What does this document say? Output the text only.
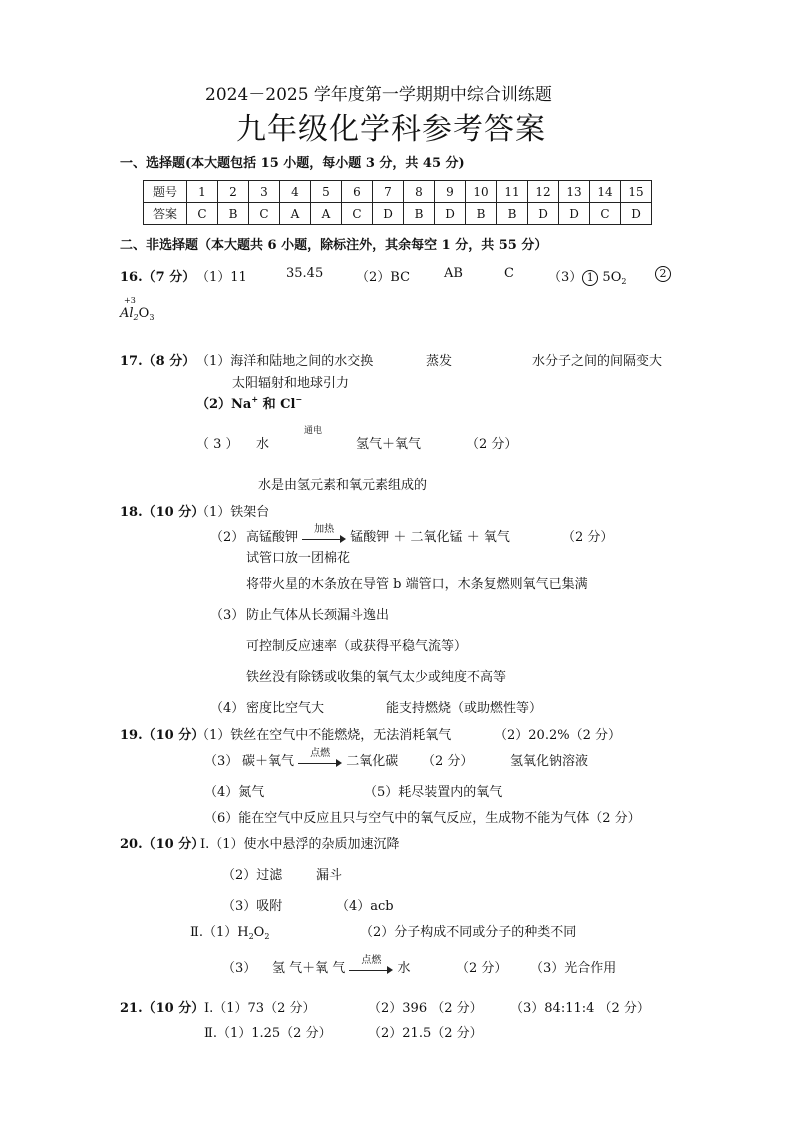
2024－2025 学年度第一学期期中综合训练题
九年级化学科参考答案
一、选择题(本大题包括 15 小题，每小题 3 分，共 45 分)
题号	1	2	3	4	5	6	7	8	9	10	11	12	13	14	15
答案	C	B	C	A	A	C	D	B	D	B	B	D	D	C	D
二、非选择题（本大题共 6 小题，除标注外，其余每空 1 分，共 55 分）
16.（7 分） （1）11	35.45	（2）BC	AB	C	（3） 1 $5O_2$
2
+3
$Al_2O_3$
17.（8 分） （1）海洋和陆地之间的水交换	蒸发	水分子之间的间隔变大
太阳辐射和地球引力
（2）Na+ 和 Cl−
（ 3 ） 水
通电
氢气＋氧气	（2 分）
水是由氢元素和氧元素组成的
18.（10 分）
（1）铁架台
（2） 高锰酸钾
加热
锰酸钾 ＋ 二氧化锰 ＋ 氧气	（2 分）
试管口放一团棉花
将带火星的木条放在导管 b 端管口，木条复燃则氧气已集满
（3） 防止气体从长颈漏斗逸出
可控制反应速率（或获得平稳气流等）
铁丝没有除锈或收集的氧气太少或纯度不高等
（4） 密度比空气大	能支持燃烧（或助燃性等）
19.（10 分）
（1）铁丝在空气中不能燃烧，无法消耗氧气	（2）20.2%（2 分）
（3） 碳＋氧气
点燃
二氧化碳 （2 分）	氢氧化钠溶液
（4）氮气	（5）耗尽装置内的氧气
（6）能在空气中反应且只与空气中的氧气反应，生成物不能为气体（2 分）
20.（10 分）
Ⅰ.（1）使水中悬浮的杂质加速沉降
（2）过滤	漏斗
（3）吸附	（4）acb
$Ⅱ.(1)H_2O_2$	（2）分子构成不同或分子的种类不同
（3） 氢 气＋氧 气
点燃
水	（2 分） （3）光合作用
21.（10 分） Ⅰ.（1）73（2 分）	（2）396 （2 分） （3）84:11:4 （2 分）
Ⅱ.（1）1.25（2 分）	（2）21.5（2 分）
